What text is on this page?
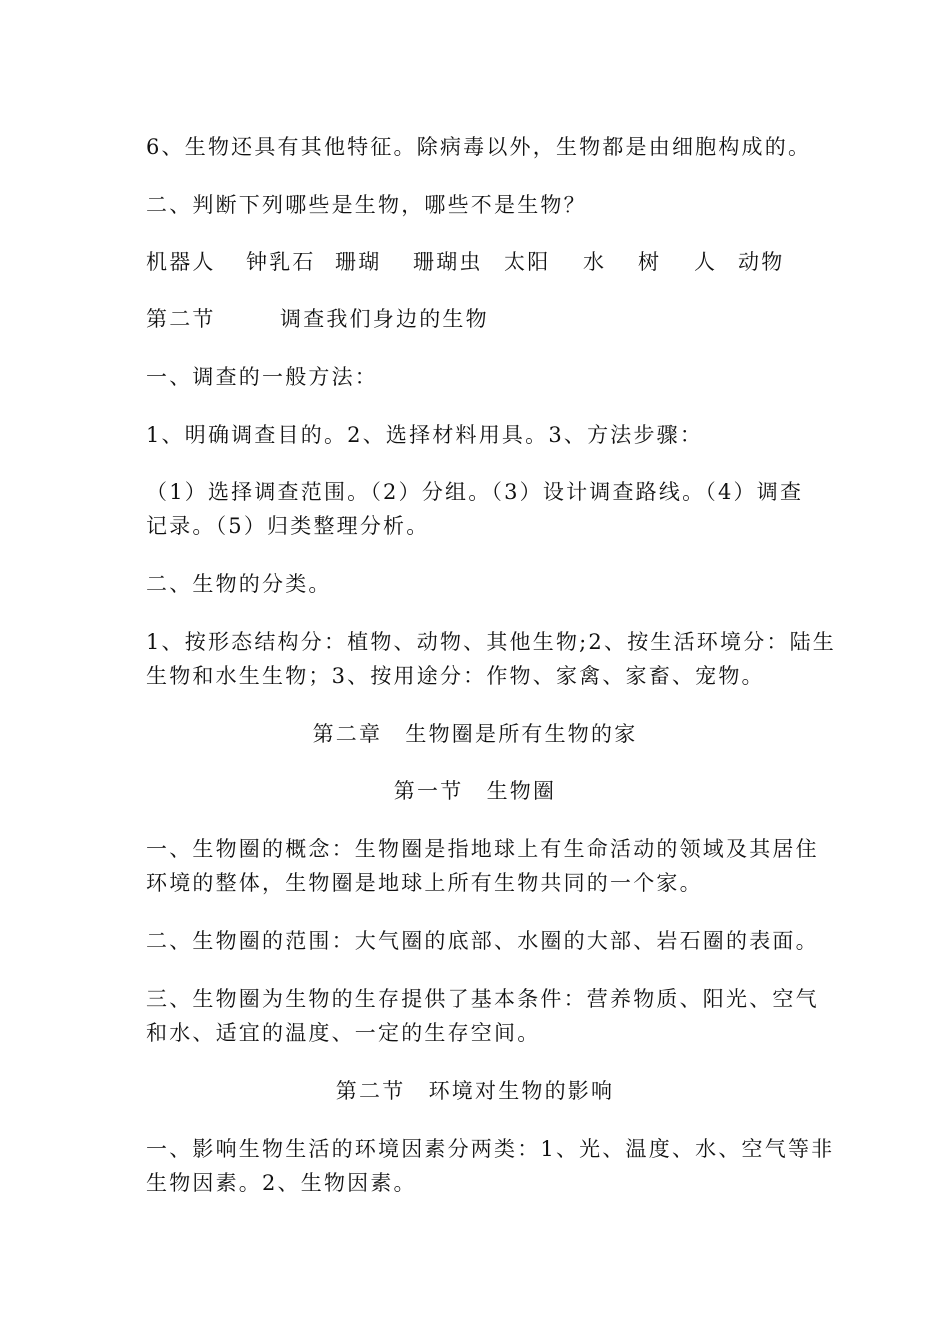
6、生物还具有其他特征。除病毒以外，生物都是由细胞构成的。
二、判断下列哪些是生物，哪些不是生物？
机器人 钟乳石 珊瑚 珊瑚虫 太阳 水 树 人 动物
第二节	调查我们身边的生物
一、调查的一般方法：
1、明确调查目的。2、选择材料用具。3、方法步骤：
（1）选择调查范围。（2）分组。（3）设计调查路线。（4）调查
记录。（5）归类整理分析。
二、生物的分类。
1、按形态结构分：植物、动物、其他生物;2、按生活环境分：陆生
生物和水生生物；3、按用途分：作物、家禽、家畜、宠物。
第二章　生物圈是所有生物的家
第一节　生物圈
一、生物圈的概念：生物圈是指地球上有生命活动的领域及其居住
环境的整体，生物圈是地球上所有生物共同的一个家。
二、生物圈的范围：大气圈的底部、水圈的大部、岩石圈的表面。
三、生物圈为生物的生存提供了基本条件：营养物质、阳光、空气
和水、适宜的温度、一定的生存空间。
第二节　环境对生物的影响
一、影响生物生活的环境因素分两类：1、光、温度、水、空气等非
生物因素。2、生物因素。
